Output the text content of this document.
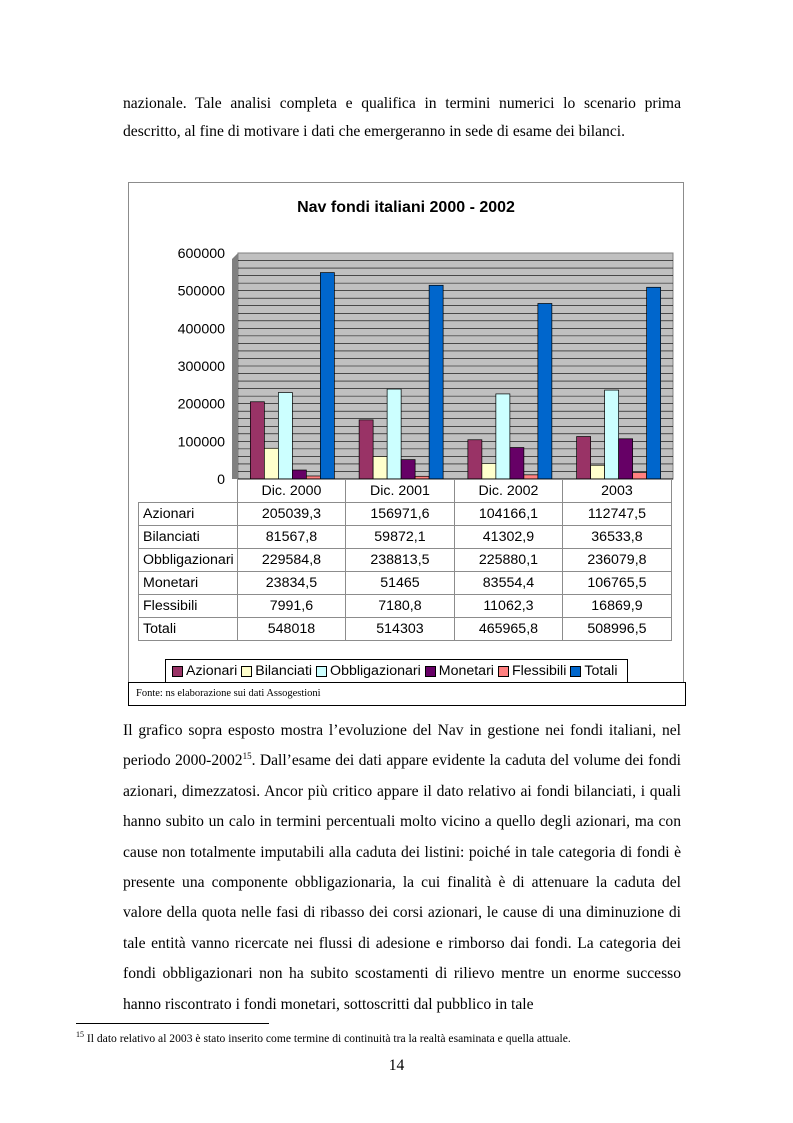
nazionale. Tale analisi completa e qualifica in termini numerici lo scenario prima descritto, al fine di motivare i dati che emergeranno in sede di esame dei bilanci.
Nav fondi italiani 2000 - 2002
0
100000
200000
300000
400000
500000
600000
	Dic. 2000	Dic. 2001	Dic. 2002	2003
Azionari	205039,3	156971,6	104166,1	112747,5
Bilanciati	81567,8	59872,1	41302,9	36533,8
Obbligazionari	229584,8	238813,5	225880,1	236079,8
Monetari	23834,5	51465	83554,4	106765,5
Flessibili	7991,6	7180,8	11062,3	16869,9
Totali	548018	514303	465965,8	508996,5
Azionari Bilanciati Obbligazionari Monetari Flessibili Totali
Fonte: ns elaborazione sui dati Assogestioni
Il grafico sopra esposto mostra l’evoluzione del Nav in gestione nei fondi italiani, nel periodo 2000-2002$^{15}$. Dall’esame dei dati appare evidente la caduta del volume dei fondi azionari, dimezzatosi. Ancor più critico appare il dato relativo ai fondi bilanciati, i quali hanno subito un calo in termini percentuali molto vicino a quello degli azionari, ma con cause non totalmente imputabili alla caduta dei listini: poiché in tale categoria di fondi è presente una componente obbligazionaria, la cui finalità è di attenuare la caduta del valore della quota nelle fasi di ribasso dei corsi azionari, le cause di una diminuzione di tale entità vanno ricercate nei flussi di adesione e rimborso dai fondi. La categoria dei fondi obbligazionari non ha subito scostamenti di rilievo mentre un enorme successo hanno riscontrato i fondi monetari, sottoscritti dal pubblico in tale
$^{15}$ Il dato relativo al 2003 è stato inserito come termine di continuità tra la realtà esaminata e quella attuale.
14
